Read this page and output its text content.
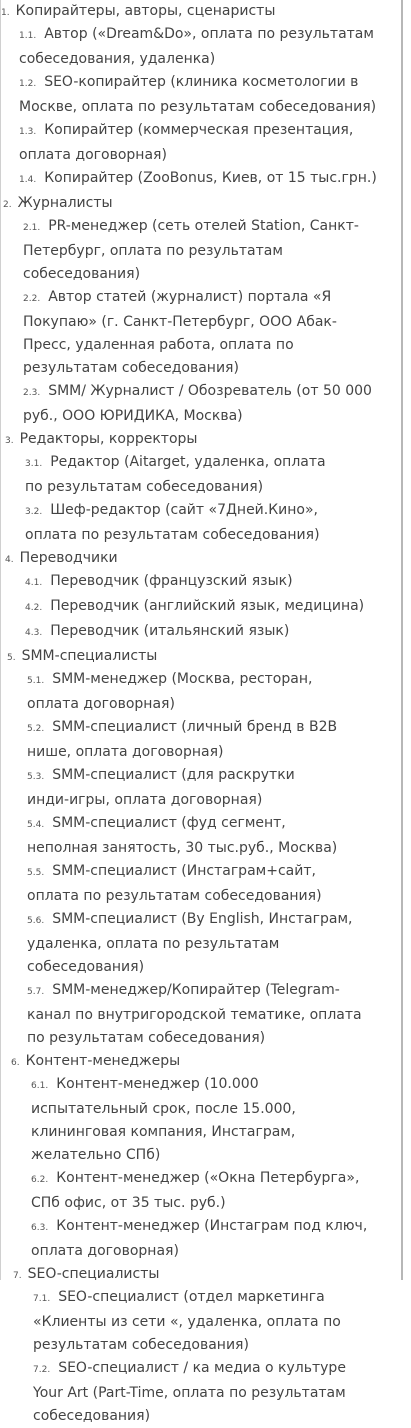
1. Копирайтеры, авторы, сценаристы
1.1. Автор («Dream&Do», оплата по результатам собеседования, удаленка)
1.2. SEO-копирайтер (клиника косметологии в Москве, оплата по результатам собеседования)
1.3. Копирайтер (коммерческая презентация, оплата договорная)
1.4. Копирайтер (ZooBonus, Киев, от 15 тыс.грн.)
2. Журналисты
2.1. PR-менеджер (сеть отелей Station, Санкт-Петербург, оплата по результатам собеседования)
2.2. Автор статей (журналист) портала «Я Покупаю» (г. Санкт-Петербург, ООО Абак-Пресс, удаленная работа, оплата по результатам собеседования)
2.3. SMM/ Журналист / Обозреватель (от 50 000 руб., ООО ЮРИДИКА, Москва)
3. Редакторы, корректоры
3.1. Редактор (Aitarget, удаленка, оплата по результатам собеседования)
3.2. Шеф-редактор (сайт «7Дней.Кино», оплата по результатам собеседования)
4. Переводчики
4.1. Переводчик (французский язык)
4.2. Переводчик (английский язык, медицина)
4.3. Переводчик (итальянский язык)
5. SMM-специалисты
5.1. SMM-менеджер (Москва, ресторан, оплата договорная)
5.2. SMM-специалист (личный бренд в B2B нише, оплата договорная)
5.3. SMM-специалист (для раскрутки инди-игры, оплата договорная)
5.4. SMM-специалист (фуд сегмент, неполная занятость, 30 тыс.руб., Москва)
5.5. SMM-специалист (Инстаграм+сайт, оплата по результатам собеседования)
5.6. SMM-специалист (By English, Инстаграм, удаленка, оплата по результатам собеседования)
5.7. SMM-менеджер/Копирайтер (Telegram-канал по внутригородской тематике, оплата по результатам собеседования)
6. Контент-менеджеры
6.1. Контент-менеджер (10.000 испытательный срок, после 15.000, клининговая компания, Инстаграм, желательно СПб)
6.2. Контент-менеджер («Окна Петербурга», СПб офис, от 35 тыс. руб.)
6.3. Контент-менеджер (Инстаграм под ключ, оплата договорная)
7. SEO-специалисты
7.1. SEO-специалист (отдел маркетинга «Клиенты из сети «, удаленка, оплата по результатам собеседования)
7.2. SEO-специалист / ка медиа о культуре Your Art (Part-Time, оплата по результатам собеседования)
